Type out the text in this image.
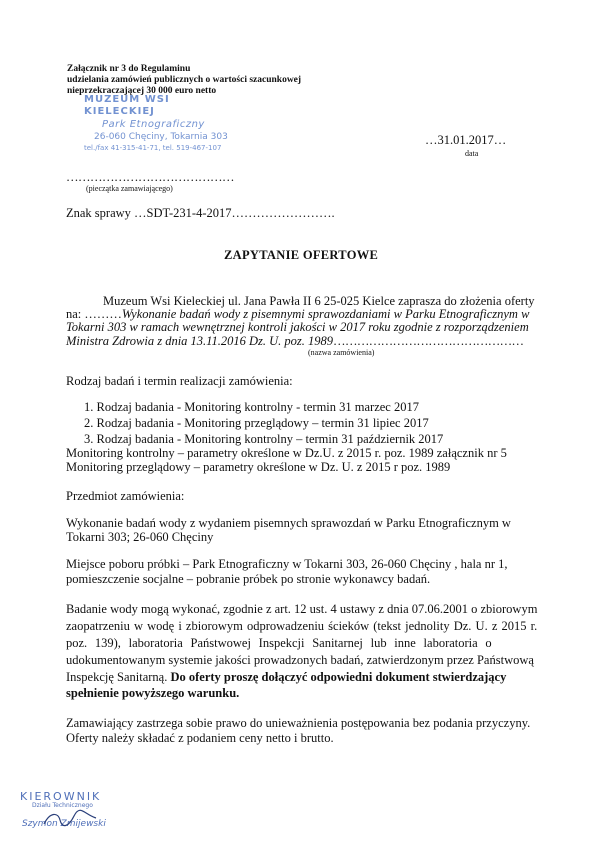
Załącznik nr 3 do Regulaminu
udzielania zamówień publicznych o wartości szacunkowej
nieprzekraczającej 30 000 euro netto
MUZEUM WSI KIELECKIEJ
Park Etnograficzny
26-060 Chęciny, Tokarnia 303
tel./fax 41-315-41-71, tel. 519-467-107
…31.01.2017…
data
……………………………………
(pieczątka zamawiającego)
Znak sprawy …SDT-231-4-2017…………………….
ZAPYTANIE OFERTOWE
Muzeum Wsi Kieleckiej ul. Jana Pawła II 6 25-025 Kielce zaprasza do złożenia oferty
na: ………Wykonanie badań wody z pisemnymi sprawozdaniami w Parku Etnograficznym w
Tokarni 303 w ramach wewnętrznej kontroli jakości w 2017 roku zgodnie z rozporządzeniem
Ministra Zdrowia z dnia 13.11.2016 Dz. U. poz. 1989…………………………………………
(nazwa zamówienia)
Rodzaj badań i termin realizacji zamówienia:
1. Rodzaj badania - Monitoring kontrolny - termin 31 marzec 2017
2. Rodzaj badania - Monitoring przeglądowy – termin 31 lipiec 2017
3. Rodzaj badania - Monitoring kontrolny – termin 31 październik 2017
Monitoring kontrolny – parametry określone w Dz.U. z 2015 r. poz. 1989 załącznik nr 5
Monitoring przeglądowy – parametry określone w Dz. U. z 2015 r poz. 1989
Przedmiot zamówienia:
Wykonanie badań wody z wydaniem pisemnych sprawozdań w Parku Etnograficznym w
Tokarni 303; 26-060 Chęciny
Miejsce poboru próbki – Park Etnograficzny w Tokarni 303, 26-060 Chęciny , hala nr 1,
pomieszczenie socjalne – pobranie próbek po stronie wykonawcy badań.
Badanie wody mogą wykonać, zgodnie z art. 12 ust. 4 ustawy z dnia 07.06.2001 o zbiorowym
zaopatrzeniu w wodę i zbiorowym odprowadzeniu ścieków (tekst jednolity Dz. U. z 2015 r.
poz. 139), laboratoria Państwowej Inspekcji Sanitarnej lub inne laboratoria o
udokumentowanym systemie jakości prowadzonych badań, zatwierdzonym przez Państwową
Inspekcję Sanitarną. Do oferty proszę dołączyć odpowiedni dokument stwierdzający
spełnienie powyższego warunku.
Zamawiający zastrzega sobie prawo do unieważnienia postępowania bez podania przyczyny.
Oferty należy składać z podaniem ceny netto i brutto.
KIEROWNIK
Działu Technicznego
Szymon Zmijewski
